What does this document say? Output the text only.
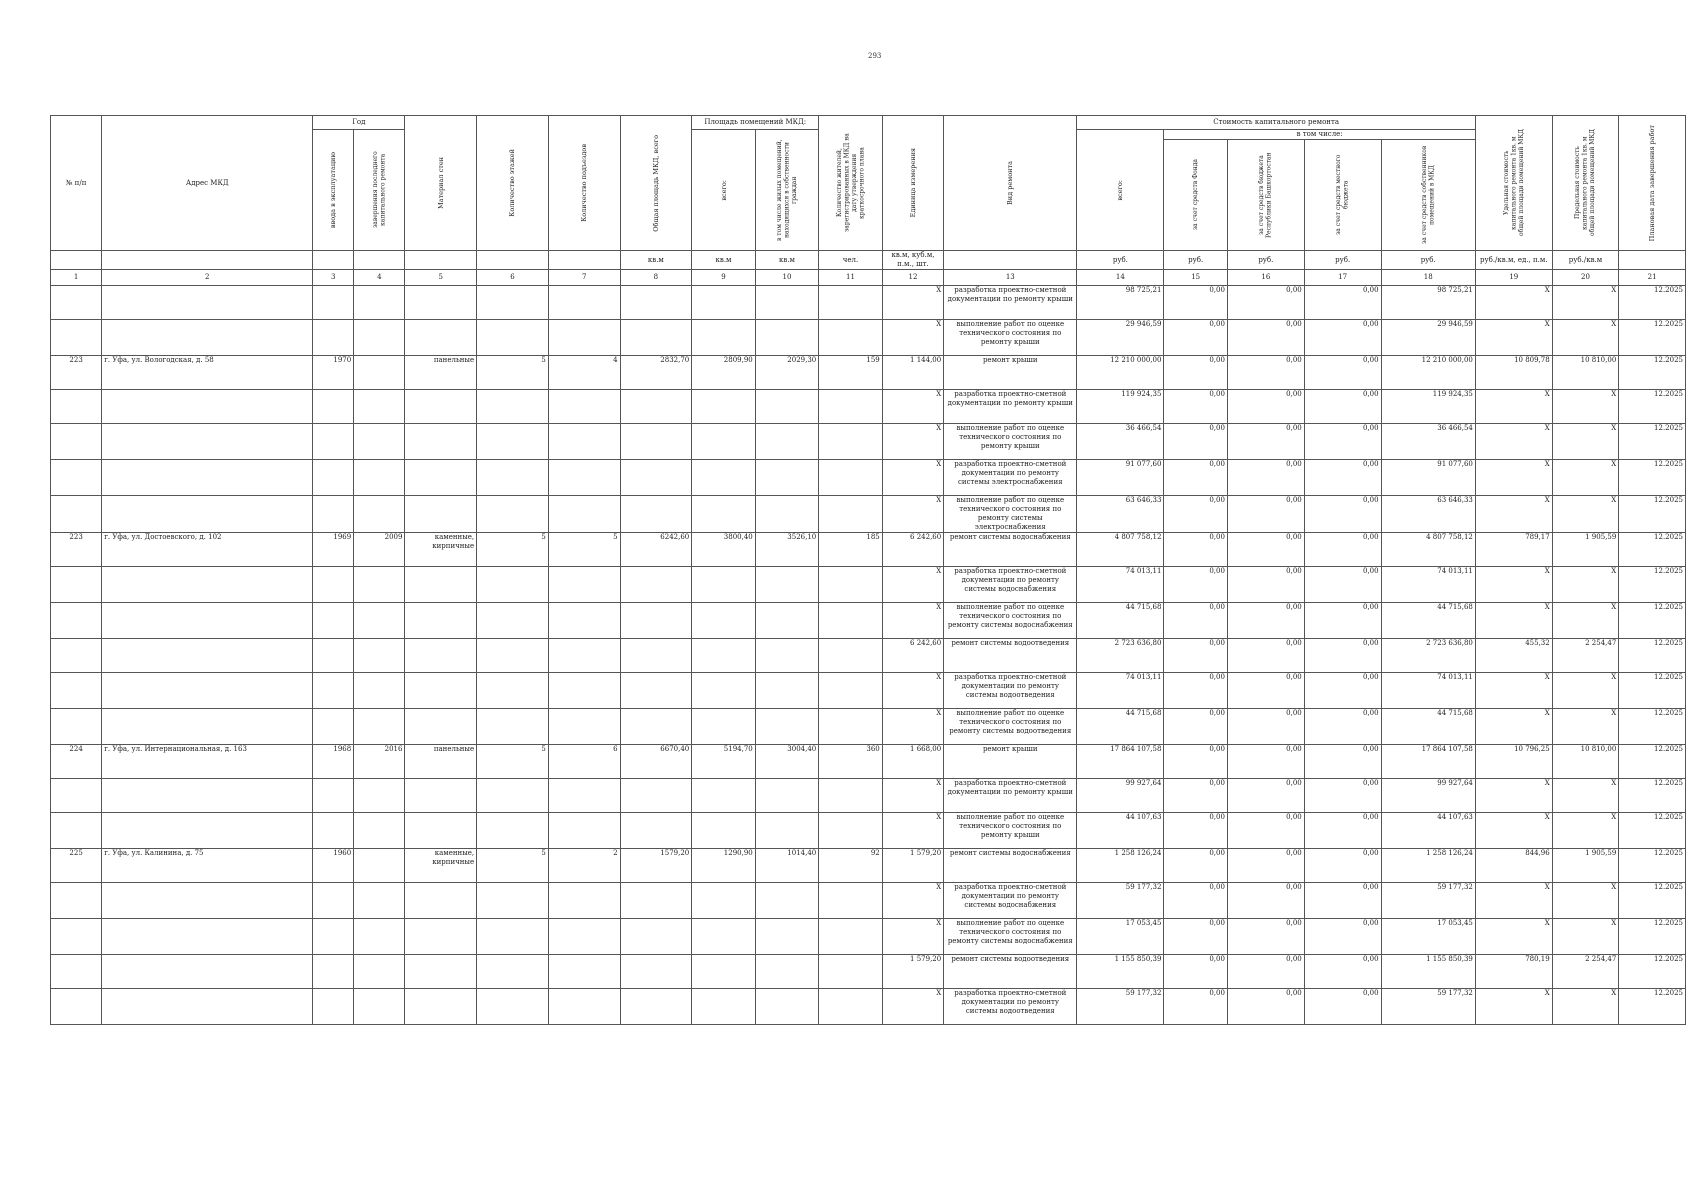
293
№ п/п	Адрес МКД	Год		Материал стен	Количество этажей	Количество подъездов	Общая площадь МКД, всего	Площадь помещений МКД:		Количество жителей, зарегистрированных в МКД на дату утверждения краткосрочного плана	Единица измерения	Вид ремонта	Стоимость капитального ремонта					Удельная стоимость капитального ремонта 1кв. м общей площади помещений МКД	Предельная стоимость капитального ремонта 1кв. м общей площади помещений МКД	Плановая дата завершения работ

		ввода в эксплуатацию	завершения последнего капитального ремонта					всего:	в том числе жилых помещений, находящихся в собственности граждан				всего:	в том числе:						

														за счет средств Фонда	за счет средств бюджета Республики Башкортостан	за счет средств местного бюджета	за счет средств собственников помещений в МКД			

							кв.м	кв.м	кв.м	чел.	кв.м, куб.м, п.м., шт.		руб.	руб.	руб.	руб.	руб.	руб./кв.м, ед., п.м.	руб./кв.м	
1	2	3	4	5	6	7	8	9	10	11	12	13	14	15	16	17	18	19	20	21
											X	разработка проектно-сметной документации по ремонту крыши	98 725,21	0,00	0,00	0,00	98 725,21	X	X	12.2025
											X	выполнение работ по оценке технического состояния по ремонту крыши	29 946,59	0,00	0,00	0,00	29 946,59	X	X	12.2025
223	г. Уфа, ул. Вологодская, д. 58	1970		панельные	5	4	2832,70	2809,90	2029,30	159	1 144,00	ремонт крыши	12 210 000,00	0,00	0,00	0,00	12 210 000,00	10 809,78	10 810,00	12.2025
											X	разработка проектно-сметной документации по ремонту крыши	119 924,35	0,00	0,00	0,00	119 924,35	X	X	12.2025
											X	выполнение работ по оценке технического состояния по ремонту крыши	36 466,54	0,00	0,00	0,00	36 466,54	X	X	12.2025
											X	разработка проектно-сметной документации по ремонту системы электроснабжения	91 077,60	0,00	0,00	0,00	91 077,60	X	X	12.2025
											X	выполнение работ по оценке технического состояния по ремонту системы электроснабжения	63 646,33	0,00	0,00	0,00	63 646,33	X	X	12.2025
223	г. Уфа, ул. Достоевского, д. 102	1969	2009	каменные, кирпичные	5	5	6242,60	3800,40	3526,10	185	6 242,60	ремонт системы водоснабжения	4 807 758,12	0,00	0,00	0,00	4 807 758,12	789,17	1 905,59	12.2025
											X	разработка проектно-сметной документации по ремонту системы водоснабжения	74 013,11	0,00	0,00	0,00	74 013,11	X	X	12.2025
											X	выполнение работ по оценке технического состояния по ремонту системы водоснабжения	44 715,68	0,00	0,00	0,00	44 715,68	X	X	12.2025
											6 242,60	ремонт системы водоотведения	2 723 636,80	0,00	0,00	0,00	2 723 636,80	455,32	2 254,47	12.2025
											X	разработка проектно-сметной документации по ремонту системы водоотведения	74 013,11	0,00	0,00	0,00	74 013,11	X	X	12.2025
											X	выполнение работ по оценке технического состояния по ремонту системы водоотведения	44 715,68	0,00	0,00	0,00	44 715,68	X	X	12.2025
224	г. Уфа, ул. Интернациональная, д. 163	1968	2016	панельные	5	6	6670,40	5194,70	3004,40	360	1 668,00	ремонт крыши	17 864 107,58	0,00	0,00	0,00	17 864 107,58	10 796,25	10 810,00	12.2025
											X	разработка проектно-сметной документации по ремонту крыши	99 927,64	0,00	0,00	0,00	99 927,64	X	X	12.2025
											X	выполнение работ по оценке технического состояния по ремонту крыши	44 107,63	0,00	0,00	0,00	44 107,63	X	X	12.2025
225	г. Уфа, ул. Калинина, д. 75	1960		каменные, кирпичные	5	2	1579,20	1290,90	1014,40	92	1 579,20	ремонт системы водоснабжения	1 258 126,24	0,00	0,00	0,00	1 258 126,24	844,96	1 905,59	12.2025
											X	разработка проектно-сметной документации по ремонту системы водоснабжения	59 177,32	0,00	0,00	0,00	59 177,32	X	X	12.2025
											X	выполнение работ по оценке технического состояния по ремонту системы водоснабжения	17 053,45	0,00	0,00	0,00	17 053,45	X	X	12.2025
											1 579,20	ремонт системы водоотведения	1 155 850,39	0,00	0,00	0,00	1 155 850,39	780,19	2 254,47	12.2025
											X	разработка проектно-сметной документации по ремонту системы водоотведения	59 177,32	0,00	0,00	0,00	59 177,32	X	X	12.2025
